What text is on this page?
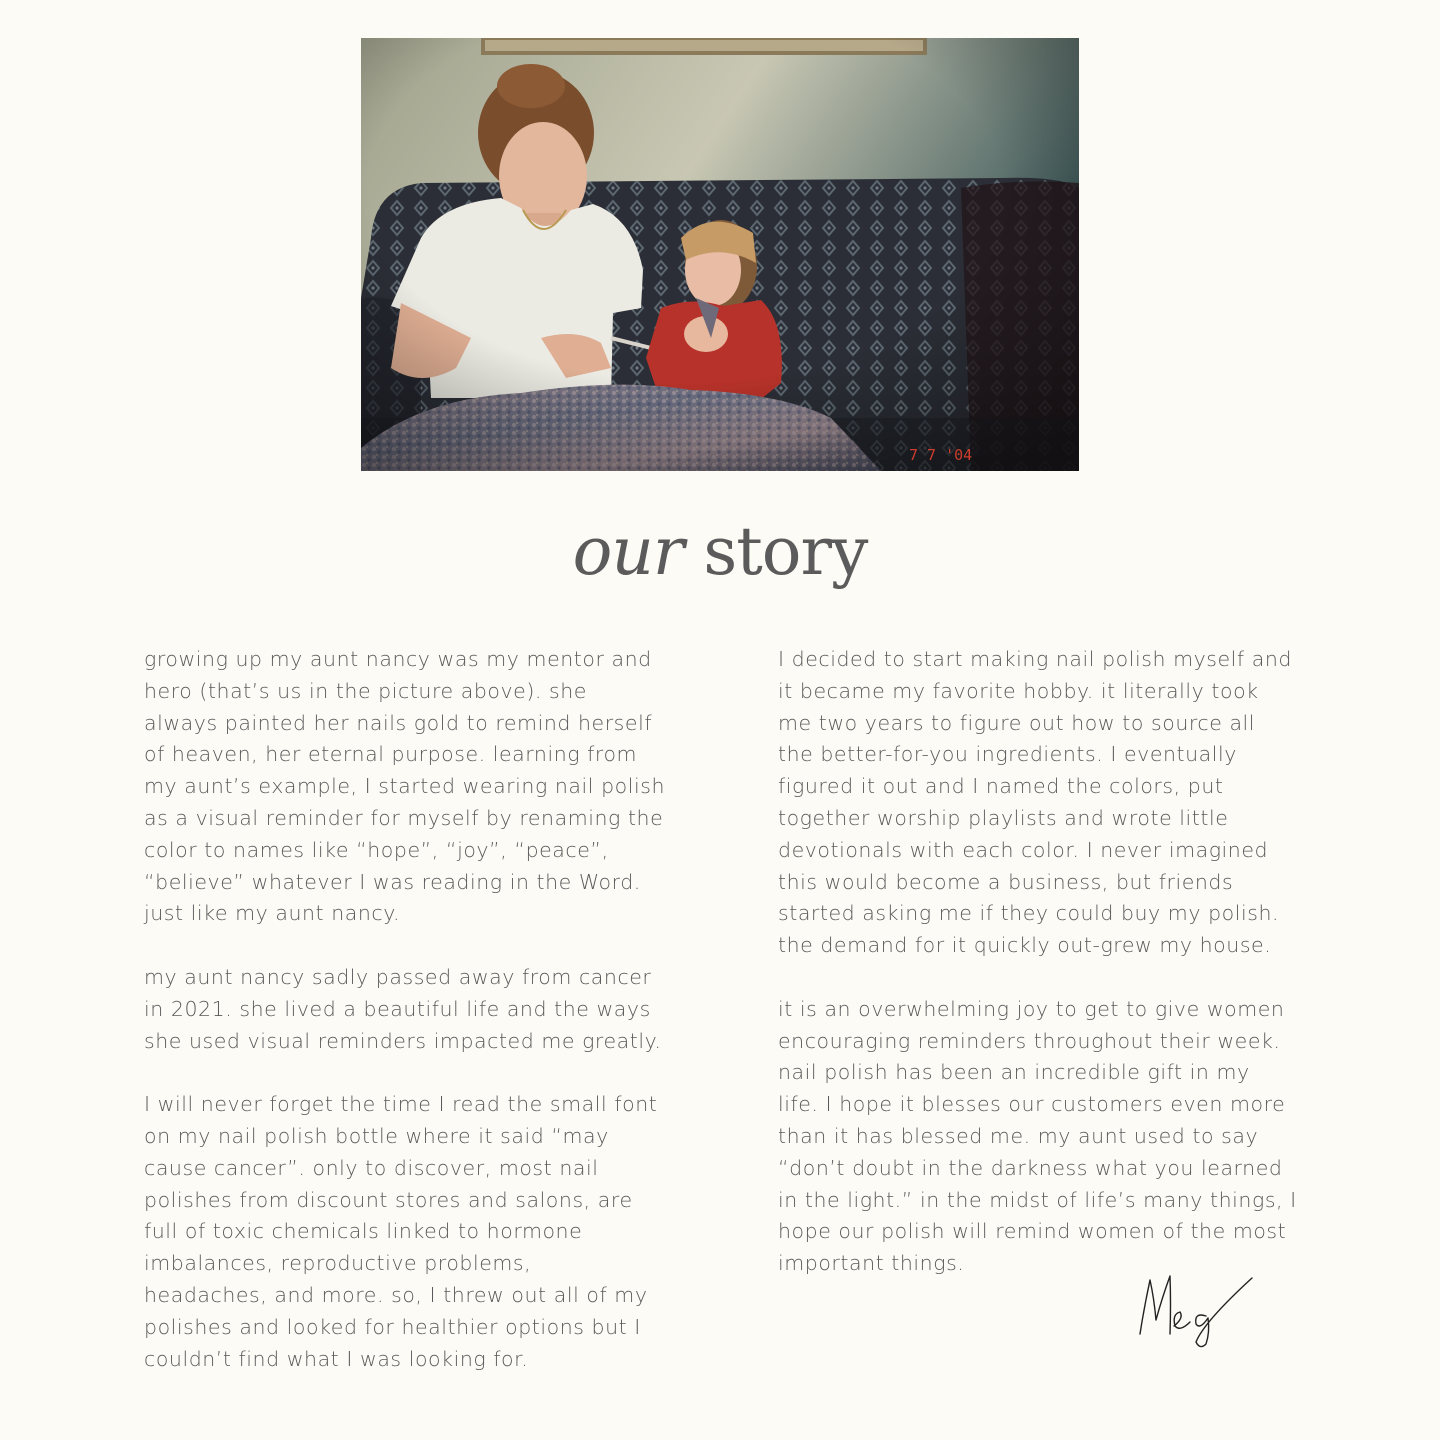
7 7 '04
our story

growing up my aunt nancy was my mentor and
hero (that’s us in the picture above). she
always painted her nails gold to remind herself
of heaven, her eternal purpose. learning from
my aunt’s example, I started wearing nail polish
as a visual reminder for myself by renaming the
color to names like “hope”, “joy”, “peace”,
“believe” whatever I was reading in the Word.
just like my aunt nancy.

my aunt nancy sadly passed away from cancer
in 2021. she lived a beautiful life and the ways
she used visual reminders impacted me greatly.

I will never forget the time I read the small font
on my nail polish bottle where it said “may
cause cancer”. only to discover, most nail
polishes from discount stores and salons, are
full of toxic chemicals linked to hormone
imbalances, reproductive problems,
headaches, and more. so, I threw out all of my
polishes and looked for healthier options but I
couldn’t find what I was looking for.

I decided to start making nail polish myself and
it became my favorite hobby. it literally took
me two years to figure out how to source all
the better-for-you ingredients. I eventually
figured it out and I named the colors, put
together worship playlists and wrote little
devotionals with each color. I never imagined
this would become a business, but friends
started asking me if they could buy my polish.
the demand for it quickly out-grew my house.

it is an overwhelming joy to get to give women
encouraging reminders throughout their week.
nail polish has been an incredible gift in my
life. I hope it blesses our customers even more
than it has blessed me. my aunt used to say
“don’t doubt in the darkness what you learned
in the light.” in the midst of life’s many things, I
hope our polish will remind women of the most
important things.
